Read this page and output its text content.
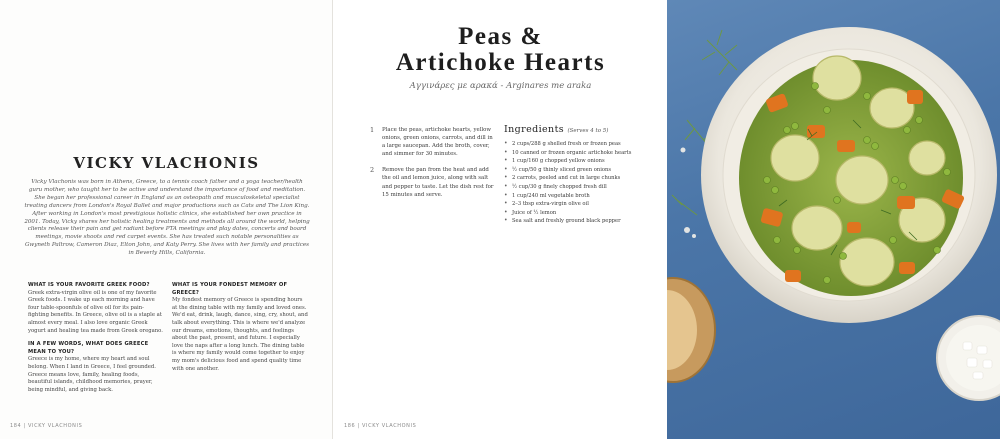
VICKY VLACHONIS

Vicky Vlachonis was born in Athens, Greece, to a tennis coach father and a yoga teacher/health guru mother, who taught her to be active and understand the importance of food and meditation. She began her professional career in England as an osteopath and musculoskeletal specialist treating dancers from London's Royal Ballet and major productions such as Cats and The Lion King. After working in London's most prestigious holistic clinics, she established her own practice in 2001. Today, Vicky shares her holistic healing treatments and methods all around the world, helping clients release their pain and get radiant before PTA meetings and play dates, concerts and board meetings, movie shoots and red carpet events. She has treated such notable personalities as Gwyneth Paltrow, Cameron Diaz, Elton John, and Katy Perry. She lives with her family and practices in Beverly Hills, California.

WHAT IS YOUR FAVORITE GREEK FOOD?

Greek extra-virgin olive oil is one of my favorite Greek foods. I wake up each morning and have four table-spoonfuls of olive oil for its pain-fighting benefits. In Greece, olive oil is a staple at almost every meal. I also love organic Greek yogurt and healing tea made from Greek oregano.

IN A FEW WORDS, WHAT DOES GREECE MEAN TO YOU?

Greece is my home, where my heart and soul belong. When I land in Greece, I feel grounded. Greece means love, family, healing foods, beautiful islands, childhood memories, prayer, being mindful, and giving back.

WHAT IS YOUR FONDEST MEMORY OF GREECE?

My fondest memory of Greece is spending hours at the dining table with my family and loved ones. We'd eat, drink, laugh, dance, sing, cry, shout, and talk about everything. This is where we'd analyze our dreams, emotions, thoughts, and feelings about the past, present, and future. I especially love the naps after a long lunch. The dining table is where my family would come together to enjoy my mom's delicious food and spend quality time with one another.

184 | VICKY VLACHONIS
Peas &
Artichoke Hearts
Αγγινάρες με αρακά - Arginares me araka
1	Place the peas, artichoke hearts, yellow onions, green onions, carrots, and dill in a large saucepan. Add the broth, cover, and simmer for 30 minutes.
2	Remove the pan from the heat and add the oil and lemon juice, along with salt and pepper to taste. Let the dish rest for 15 minutes and serve.
Ingredients (Serves 4 to 5)
• 2 cups/288 g shelled fresh or frozen peas
• 10 canned or frozen organic artichoke hearts
• 1 cup/160 g chopped yellow onions
• ½ cup/50 g thinly sliced green onions
• 2 carrots, peeled and cut in large chunks
• ½ cup/30 g finely chopped fresh dill
• 1 cup/240 ml vegetable broth
• 2–3 tbsp extra-virgin olive oil
• Juice of ½ lemon
• Sea salt and freshly ground black pepper
186 | VICKY VLACHONIS
